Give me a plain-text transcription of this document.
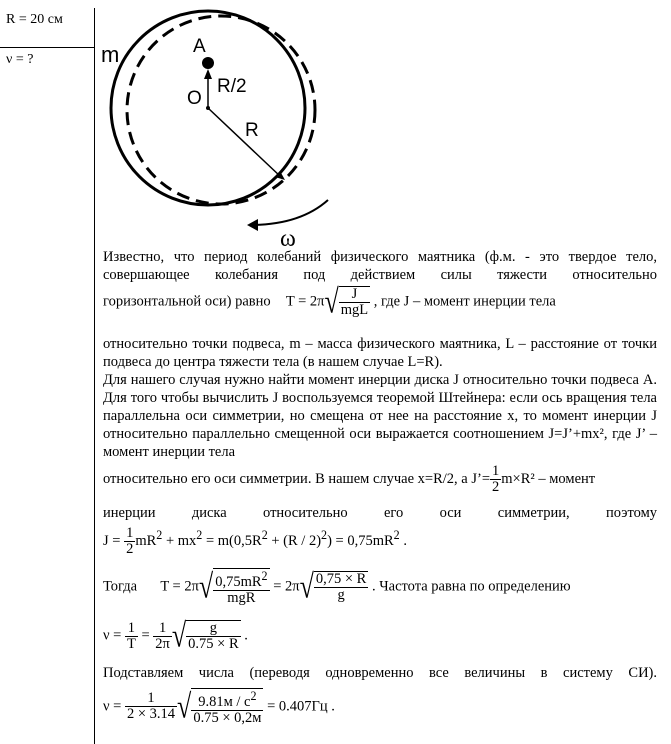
R = 20 см
ν = ?	m	A
O
R/2
R
ω
Известно, что период колебаний физического маятника (ф.м. - это твердое тело, совершающее колебания под действием силы тяжести относительно
горизонтальной оси) равно $T = 2\pi√ \frac{J}{\text{mgL}}$ , где J – момент инерции тела
относительно точки подвеса, m – масса физического маятника, L – расстояние от точки подвеса до центра тяжести тела (в нашем случае L=R).
Для нашего случая нужно найти момент инерции диска J относительно точки подвеса А. Для того чтобы вычислить J воспользуемся теоремой Штейнера: если ось вращения тела параллельна оси симметрии, но смещена от нее на расстояние x, то момент инерции J относительно параллельно смещенной оси выражается соотношением J=J’+mx², где J’ – момент инерции тела
относительно его оси симметрии. В нашем случае x=R/2, а J’= $\frac{1}{2} m\times R^2$ – момент
инерции диска относительно его оси симметрии, поэтому
$J = \frac{1}{2} mR^2 + mx^2 = m(0,5R^2 + (R / 2)^2) = 0,75mR^2$ .
Тогда $T = 2\pi√ \frac{0,75mR^2}{\text{mgR}} = 2\pi√ \frac{0,75 \times R}{g}$ . Частота равна по определению
$\nu = \frac{1}{T} = \frac{1}{2\pi}$ √ $\frac{g}{0.75 \times R}$ .
Подставляем числа (переводя одновременно все величины в систему СИ).
$\nu = \frac{1}{2 \times 3.14}$ √ $\frac{9.81м / с^2}{0.75 \times 0,2м} = 0.407Гц$ .
